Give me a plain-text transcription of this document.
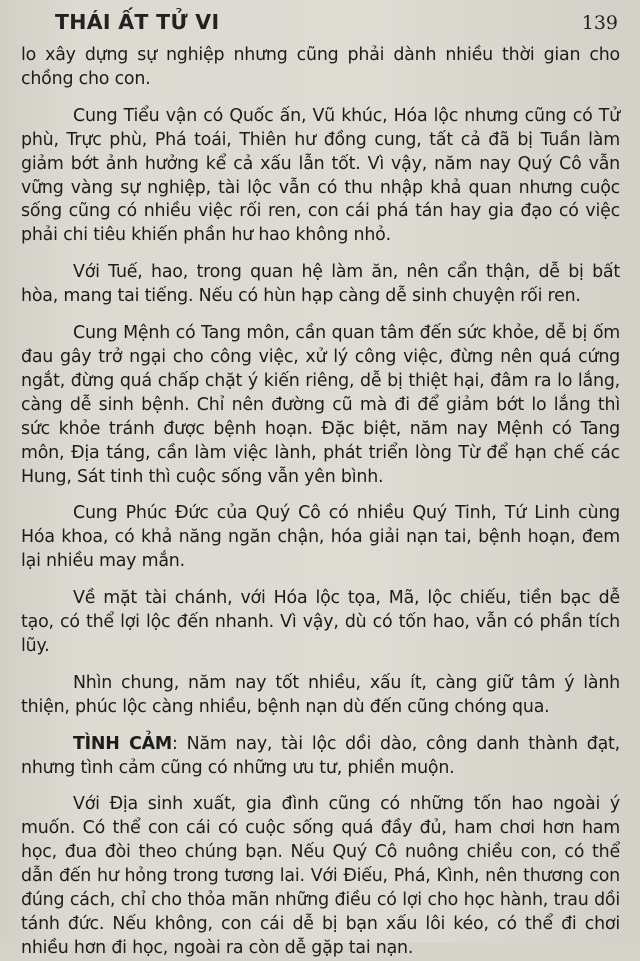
THÁI ẤT TỬ VI	139

lo xây dựng sự nghiệp nhưng cũng phải dành nhiều thời gian cho chồng cho con.

Cung Tiểu vận có Quốc ấn, Vũ khúc, Hóa lộc nhưng cũng có Tử phù, Trực phù, Phá toái, Thiên hư đồng cung, tất cả đã bị Tuần làm giảm bớt ảnh hưởng kể cả xấu lẫn tốt. Vì vậy, năm nay Quý Cô vẫn vững vàng sự nghiệp, tài lộc vẫn có thu nhập khả quan nhưng cuộc sống cũng có nhiều việc rối ren, con cái phá tán hay gia đạo có việc phải chi tiêu khiến phần hư hao không nhỏ.

Với Tuế, hao, trong quan hệ làm ăn, nên cẩn thận, dễ bị bất hòa, mang tai tiếng. Nếu có hùn hạp càng dễ sinh chuyện rối ren.

Cung Mệnh có Tang môn, cần quan tâm đến sức khỏe, dễ bị ốm đau gây trở ngại cho công việc, xử lý công việc, đừng nên quá cứng ngắt, đừng quá chấp chặt ý kiến riêng, dễ bị thiệt hại, đâm ra lo lắng, càng dễ sinh bệnh. Chỉ nên đường cũ mà đi để giảm bớt lo lắng thì sức khỏe tránh được bệnh hoạn. Đặc biệt, năm nay Mệnh có Tang môn, Địa táng, cần làm việc lành, phát triển lòng Từ để hạn chế các Hung, Sát tinh thì cuộc sống vẫn yên bình.

Cung Phúc Đức của Quý Cô có nhiều Quý Tinh, Tứ Linh cùng Hóa khoa, có khả năng ngăn chận, hóa giải nạn tai, bệnh hoạn, đem lại nhiều may mắn.

Về mặt tài chánh, với Hóa lộc tọa, Mã, lộc chiếu, tiền bạc dễ tạo, có thể lợi lộc đến nhanh. Vì vậy, dù có tốn hao, vẫn có phần tích lũy.

Nhìn chung, năm nay tốt nhiều, xấu ít, càng giữ tâm ý lành thiện, phúc lộc càng nhiều, bệnh nạn dù đến cũng chóng qua.

TÌNH CẢM: Năm nay, tài lộc dồi dào, công danh thành đạt, nhưng tình cảm cũng có những ưu tư, phiền muộn.

Với Địa sinh xuất, gia đình cũng có những tốn hao ngoài ý muốn. Có thể con cái có cuộc sống quá đầy đủ, ham chơi hơn ham học, đua đòi theo chúng bạn. Nếu Quý Cô nuông chiều con, có thể dẫn đến hư hỏng trong tương lai. Với Điếu, Phá, Kình, nên thương con đúng cách, chỉ cho thỏa mãn những điều có lợi cho học hành, trau dồi tánh đức. Nếu không, con cái dễ bị bạn xấu lôi kéo, có thể đi chơi nhiều hơn đi học, ngoài ra còn dễ gặp tai nạn.
